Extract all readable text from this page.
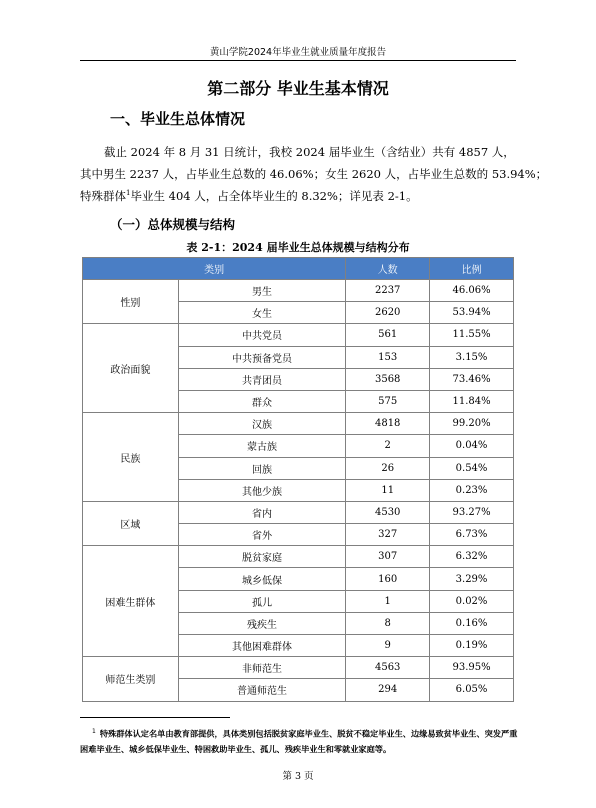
黄山学院2024年毕业生就业质量年度报告
第二部分 毕业生基本情况
一、毕业生总体情况
截止 2024 年 8 月 31 日统计，我校 2024 届毕业生（含结业）共有 4857 人，
其中男生 2237 人，占毕业生总数的 46.06%；女生 2620 人，占毕业生总数的 53.94%；
特殊群体$^1$毕业生 404 人，占全体毕业生的 8.32%；详见表 2-1。
（一）总体规模与结构
表 2-1：2024 届毕业生总体规模与结构分布
类别		人数	比例
性别	男生	2237	46.06%
	女生	2620	53.94%
政治面貌	中共党员	561	11.55%
	中共预备党员	153	3.15%
	共青团员	3568	73.46%
	群众	575	11.84%
民族	汉族	4818	99.20%
	蒙古族	2	0.04%
	回族	26	0.54%
	其他少族	11	0.23%
区域	省内	4530	93.27%
	省外	327	6.73%
困难生群体	脱贫家庭	307	6.32%
	城乡低保	160	3.29%
	孤儿	1	0.02%
	残疾生	8	0.16%
	其他困难群体	9	0.19%
师范生类别	非师范生	4563	93.95%
	普通师范生	294	6.05%
$^1$ 特殊群体认定名单由教育部提供，具体类别包括脱贫家庭毕业生、脱贫不稳定毕业生、边缘易致贫毕业生、突发严重困难毕业生、城乡低保毕业生、特困救助毕业生、孤儿、残疾毕业生和零就业家庭等。
第 3 页
